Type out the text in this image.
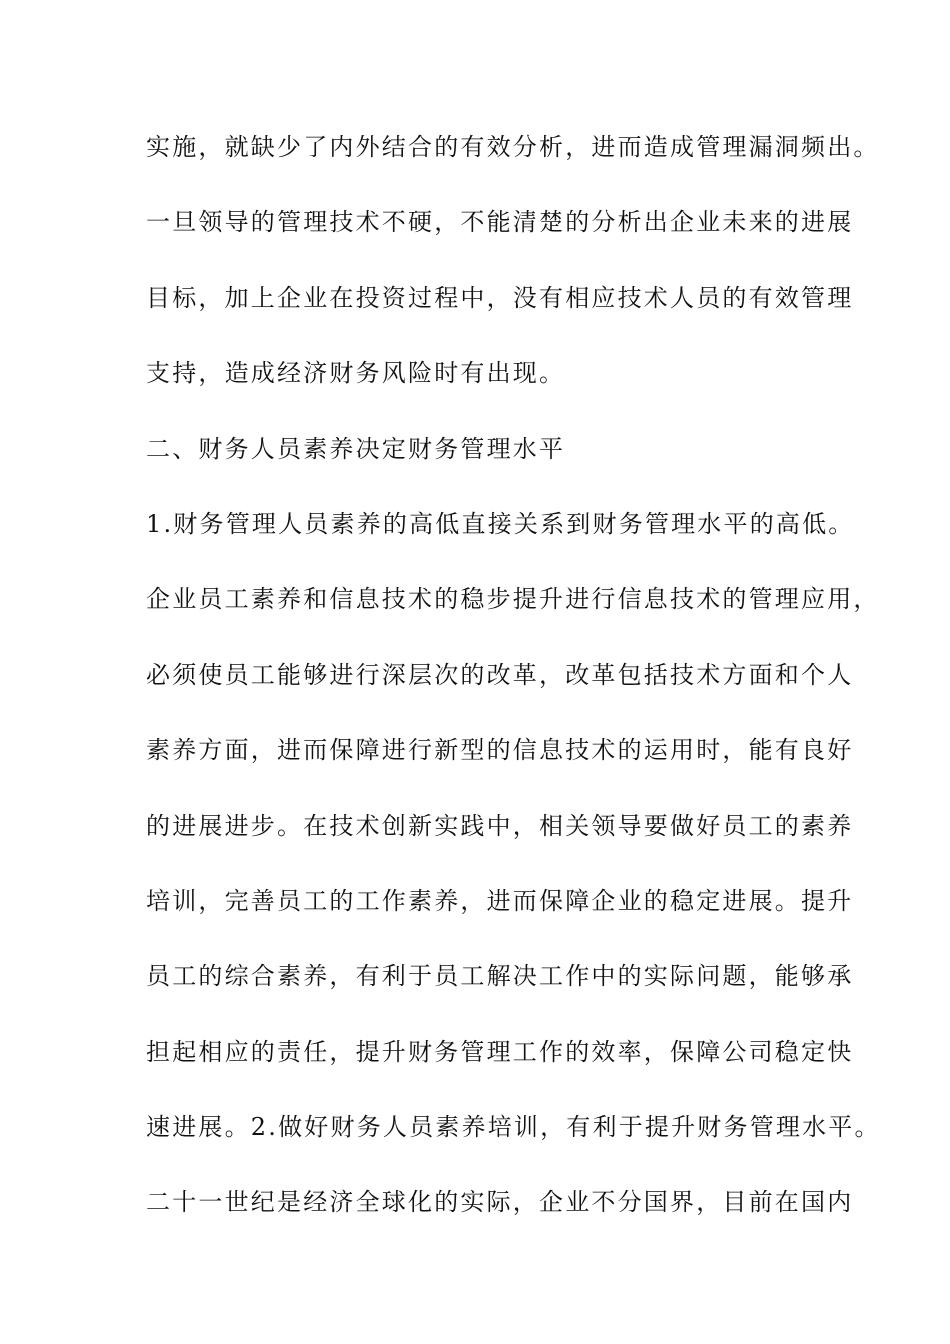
实施，就缺少了内外结合的有效分析，进而造成管理漏洞频出。
一旦领导的管理技术不硬，不能清楚的分析出企业未来的进展
目标，加上企业在投资过程中，没有相应技术人员的有效管理
支持，造成经济财务风险时有出现。
二、财务人员素养决定财务管理水平
1.财务管理人员素养的高低直接关系到财务管理水平的高低。
企业员工素养和信息技术的稳步提升进行信息技术的管理应用，
必须使员工能够进行深层次的改革，改革包括技术方面和个人
素养方面，进而保障进行新型的信息技术的运用时，能有良好
的进展进步。在技术创新实践中，相关领导要做好员工的素养
培训，完善员工的工作素养，进而保障企业的稳定进展。提升
员工的综合素养，有利于员工解决工作中的实际问题，能够承
担起相应的责任，提升财务管理工作的效率，保障公司稳定快
速进展。2.做好财务人员素养培训，有利于提升财务管理水平。
二十一世纪是经济全球化的实际，企业不分国界，目前在国内
